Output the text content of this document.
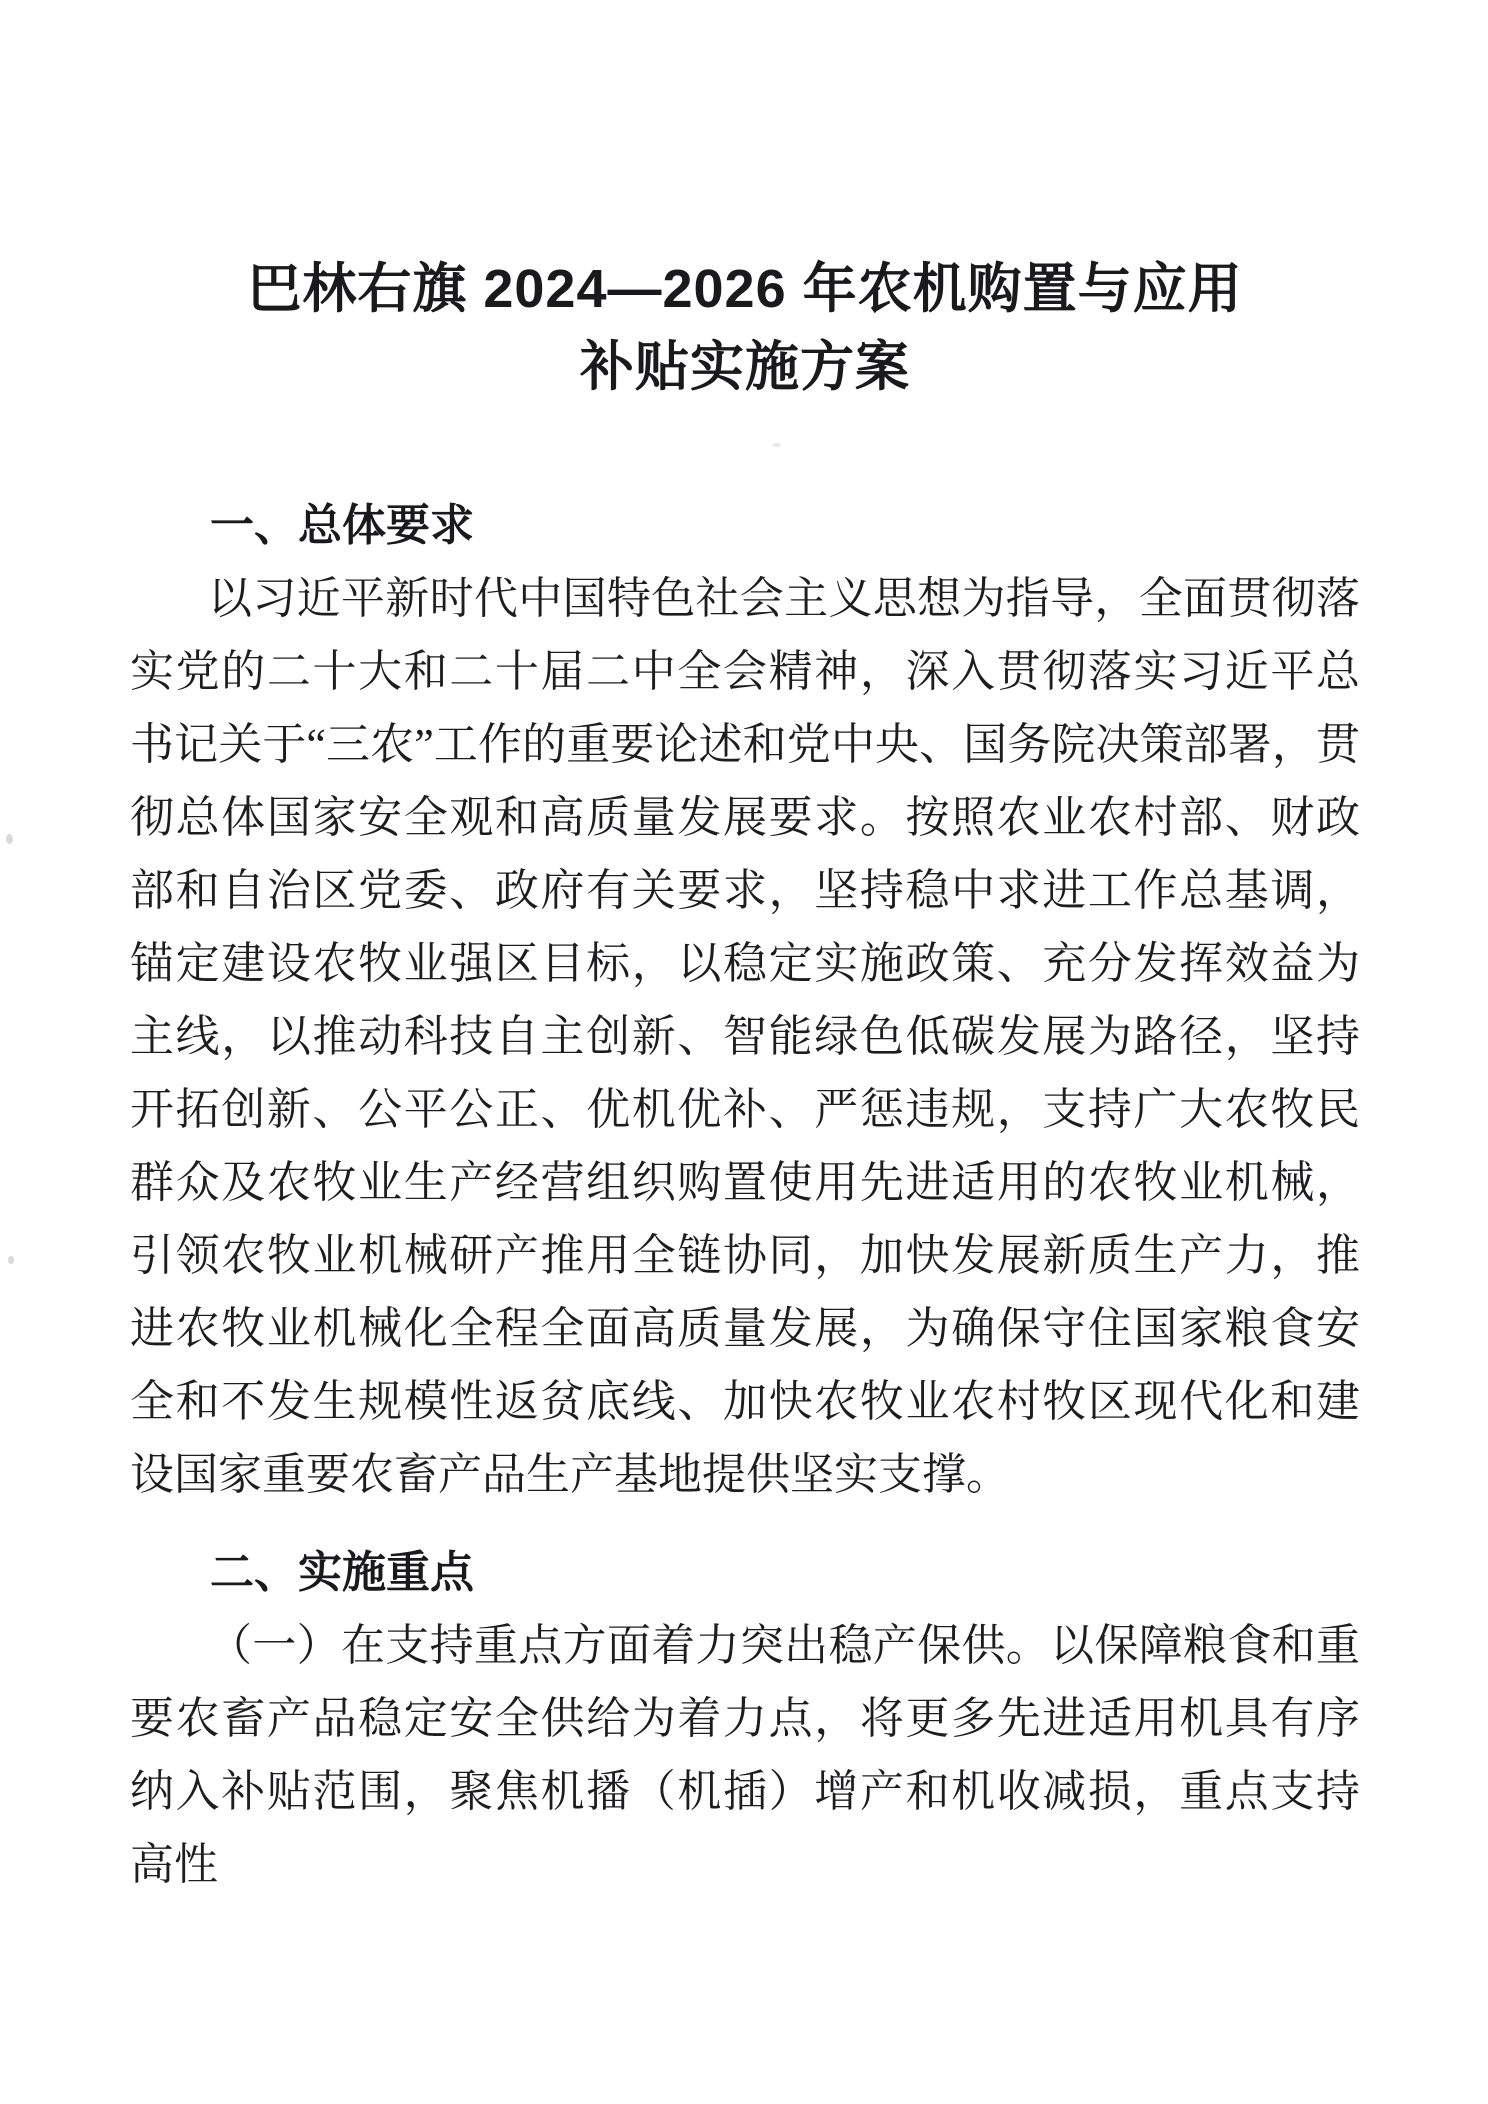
巴林右旗 2024—2026 年农机购置与应用
补贴实施方案
一、总体要求

以习近平新时代中国特色社会主义思想为指导，全面贯彻落实党的二十大和二十届二中全会精神，深入贯彻落实习近平总书记关于“三农”工作的重要论述和党中央、国务院决策部署，贯彻总体国家安全观和高质量发展要求。按照农业农村部、财政部和自治区党委、政府有关要求，坚持稳中求进工作总基调，锚定建设农牧业强区目标，以稳定实施政策、充分发挥效益为主线，以推动科技自主创新、智能绿色低碳发展为路径，坚持开拓创新、公平公正、优机优补、严惩违规，支持广大农牧民群众及农牧业生产经营组织购置使用先进适用的农牧业机械，引领农牧业机械研产推用全链协同，加快发展新质生产力，推进农牧业机械化全程全面高质量发展，为确保守住国家粮食安全和不发生规模性返贫底线、加快农牧业农村牧区现代化和建设国家重要农畜产品生产基地提供坚实支撑。

二、实施重点

（一）在支持重点方面着力突出稳产保供。以保障粮食和重要农畜产品稳定安全供给为着力点，将更多先进适用机具有序纳入补贴范围，聚焦机播（机插）增产和机收减损，重点支持高性
